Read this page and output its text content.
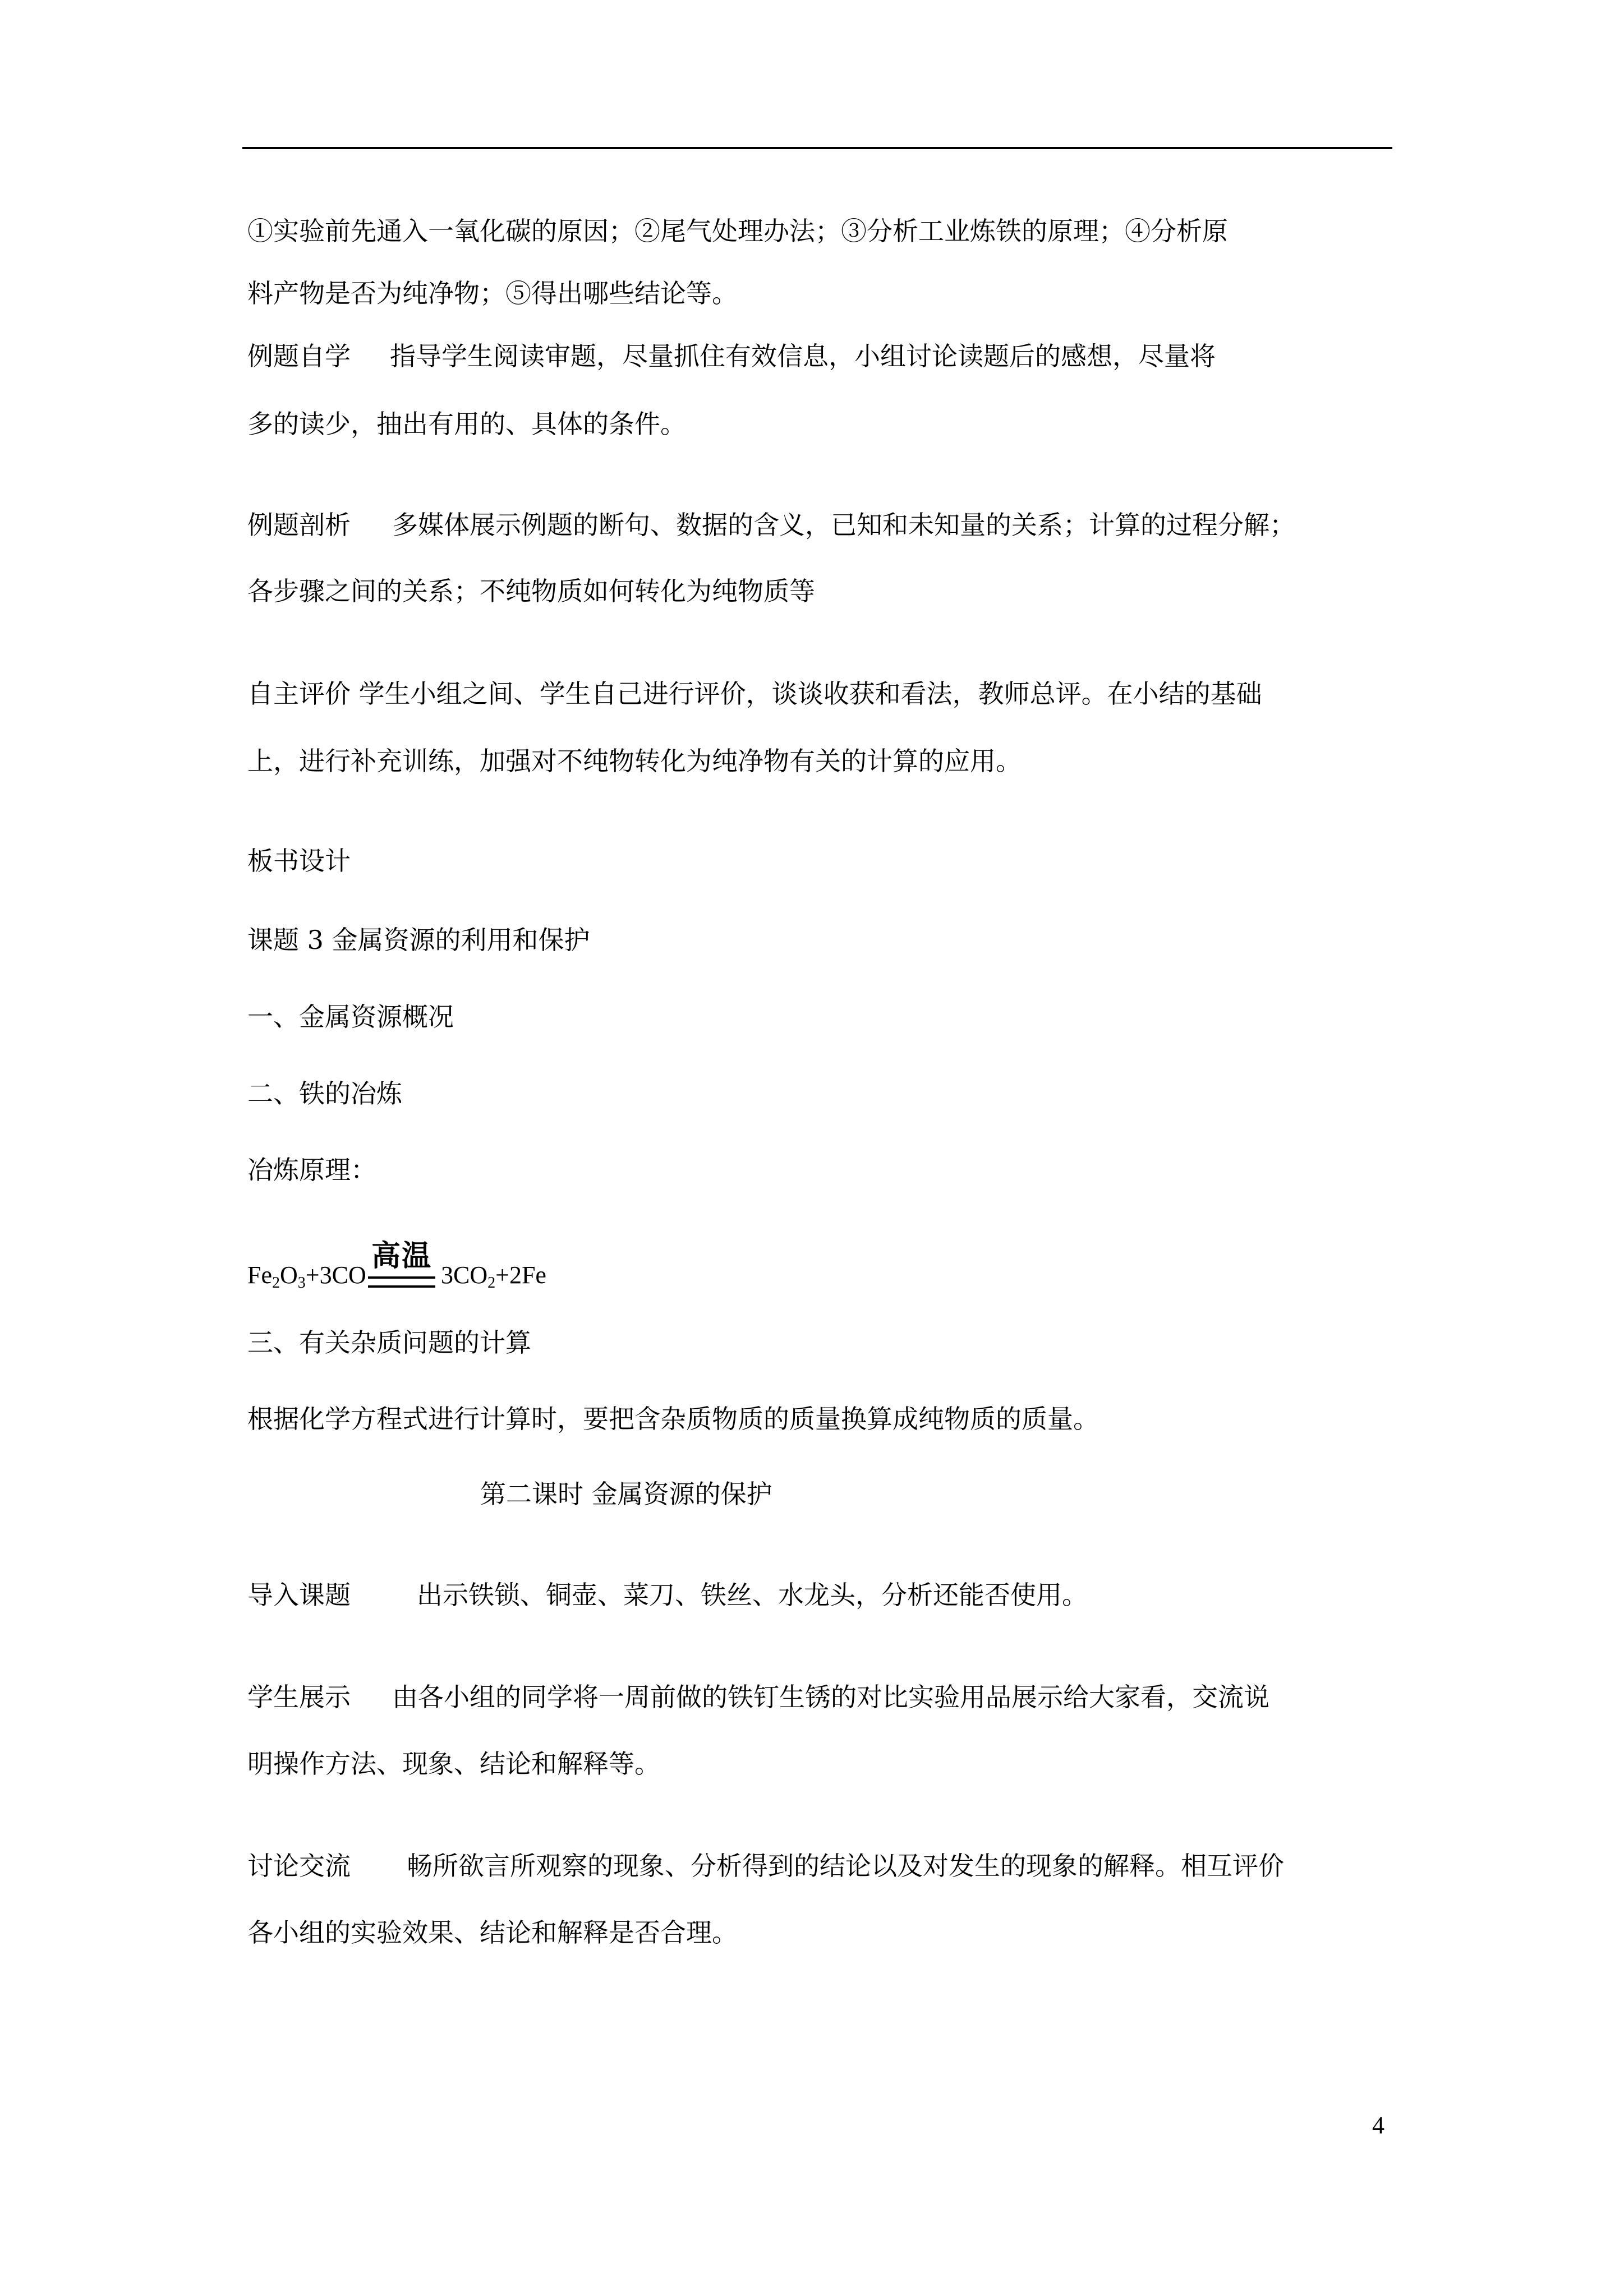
①实验前先通入一氧化碳的原因；②尾气处理办法；③分析工业炼铁的原理；④分析原
料产物是否为纯净物；⑤得出哪些结论等。
例题自学 指导学生阅读审题，尽量抓住有效信息，小组讨论读题后的感想，尽量将
多的读少，抽出有用的、具体的条件。
例题剖析 多媒体展示例题的断句、数据的含义，已知和未知量的关系；计算的过程分解；
各步骤之间的关系；不纯物质如何转化为纯物质等
自主评价 学生小组之间、学生自己进行评价，谈谈收获和看法，教师总评。在小结的基础
上，进行补充训练，加强对不纯物转化为纯净物有关的计算的应用。
板书设计
课题 3 金属资源的利用和保护
一、金属资源概况
二、铁的冶炼
冶炼原理：
$Fe_2O_3+3CO$
高温
$3CO_2+2Fe$
三、有关杂质问题的计算
根据化学方程式进行计算时，要把含杂质物质的质量换算成纯物质的质量。
第二课时 金属资源的保护
导入课题	出示铁锁、铜壶、菜刀、铁丝、水龙头，分析还能否使用。
学生展示 由各小组的同学将一周前做的铁钉生锈的对比实验用品展示给大家看，交流说
明操作方法、现象、结论和解释等。
讨论交流 畅所欲言所观察的现象、分析得到的结论以及对发生的现象的解释。相互评价
各小组的实验效果、结论和解释是否合理。
4
